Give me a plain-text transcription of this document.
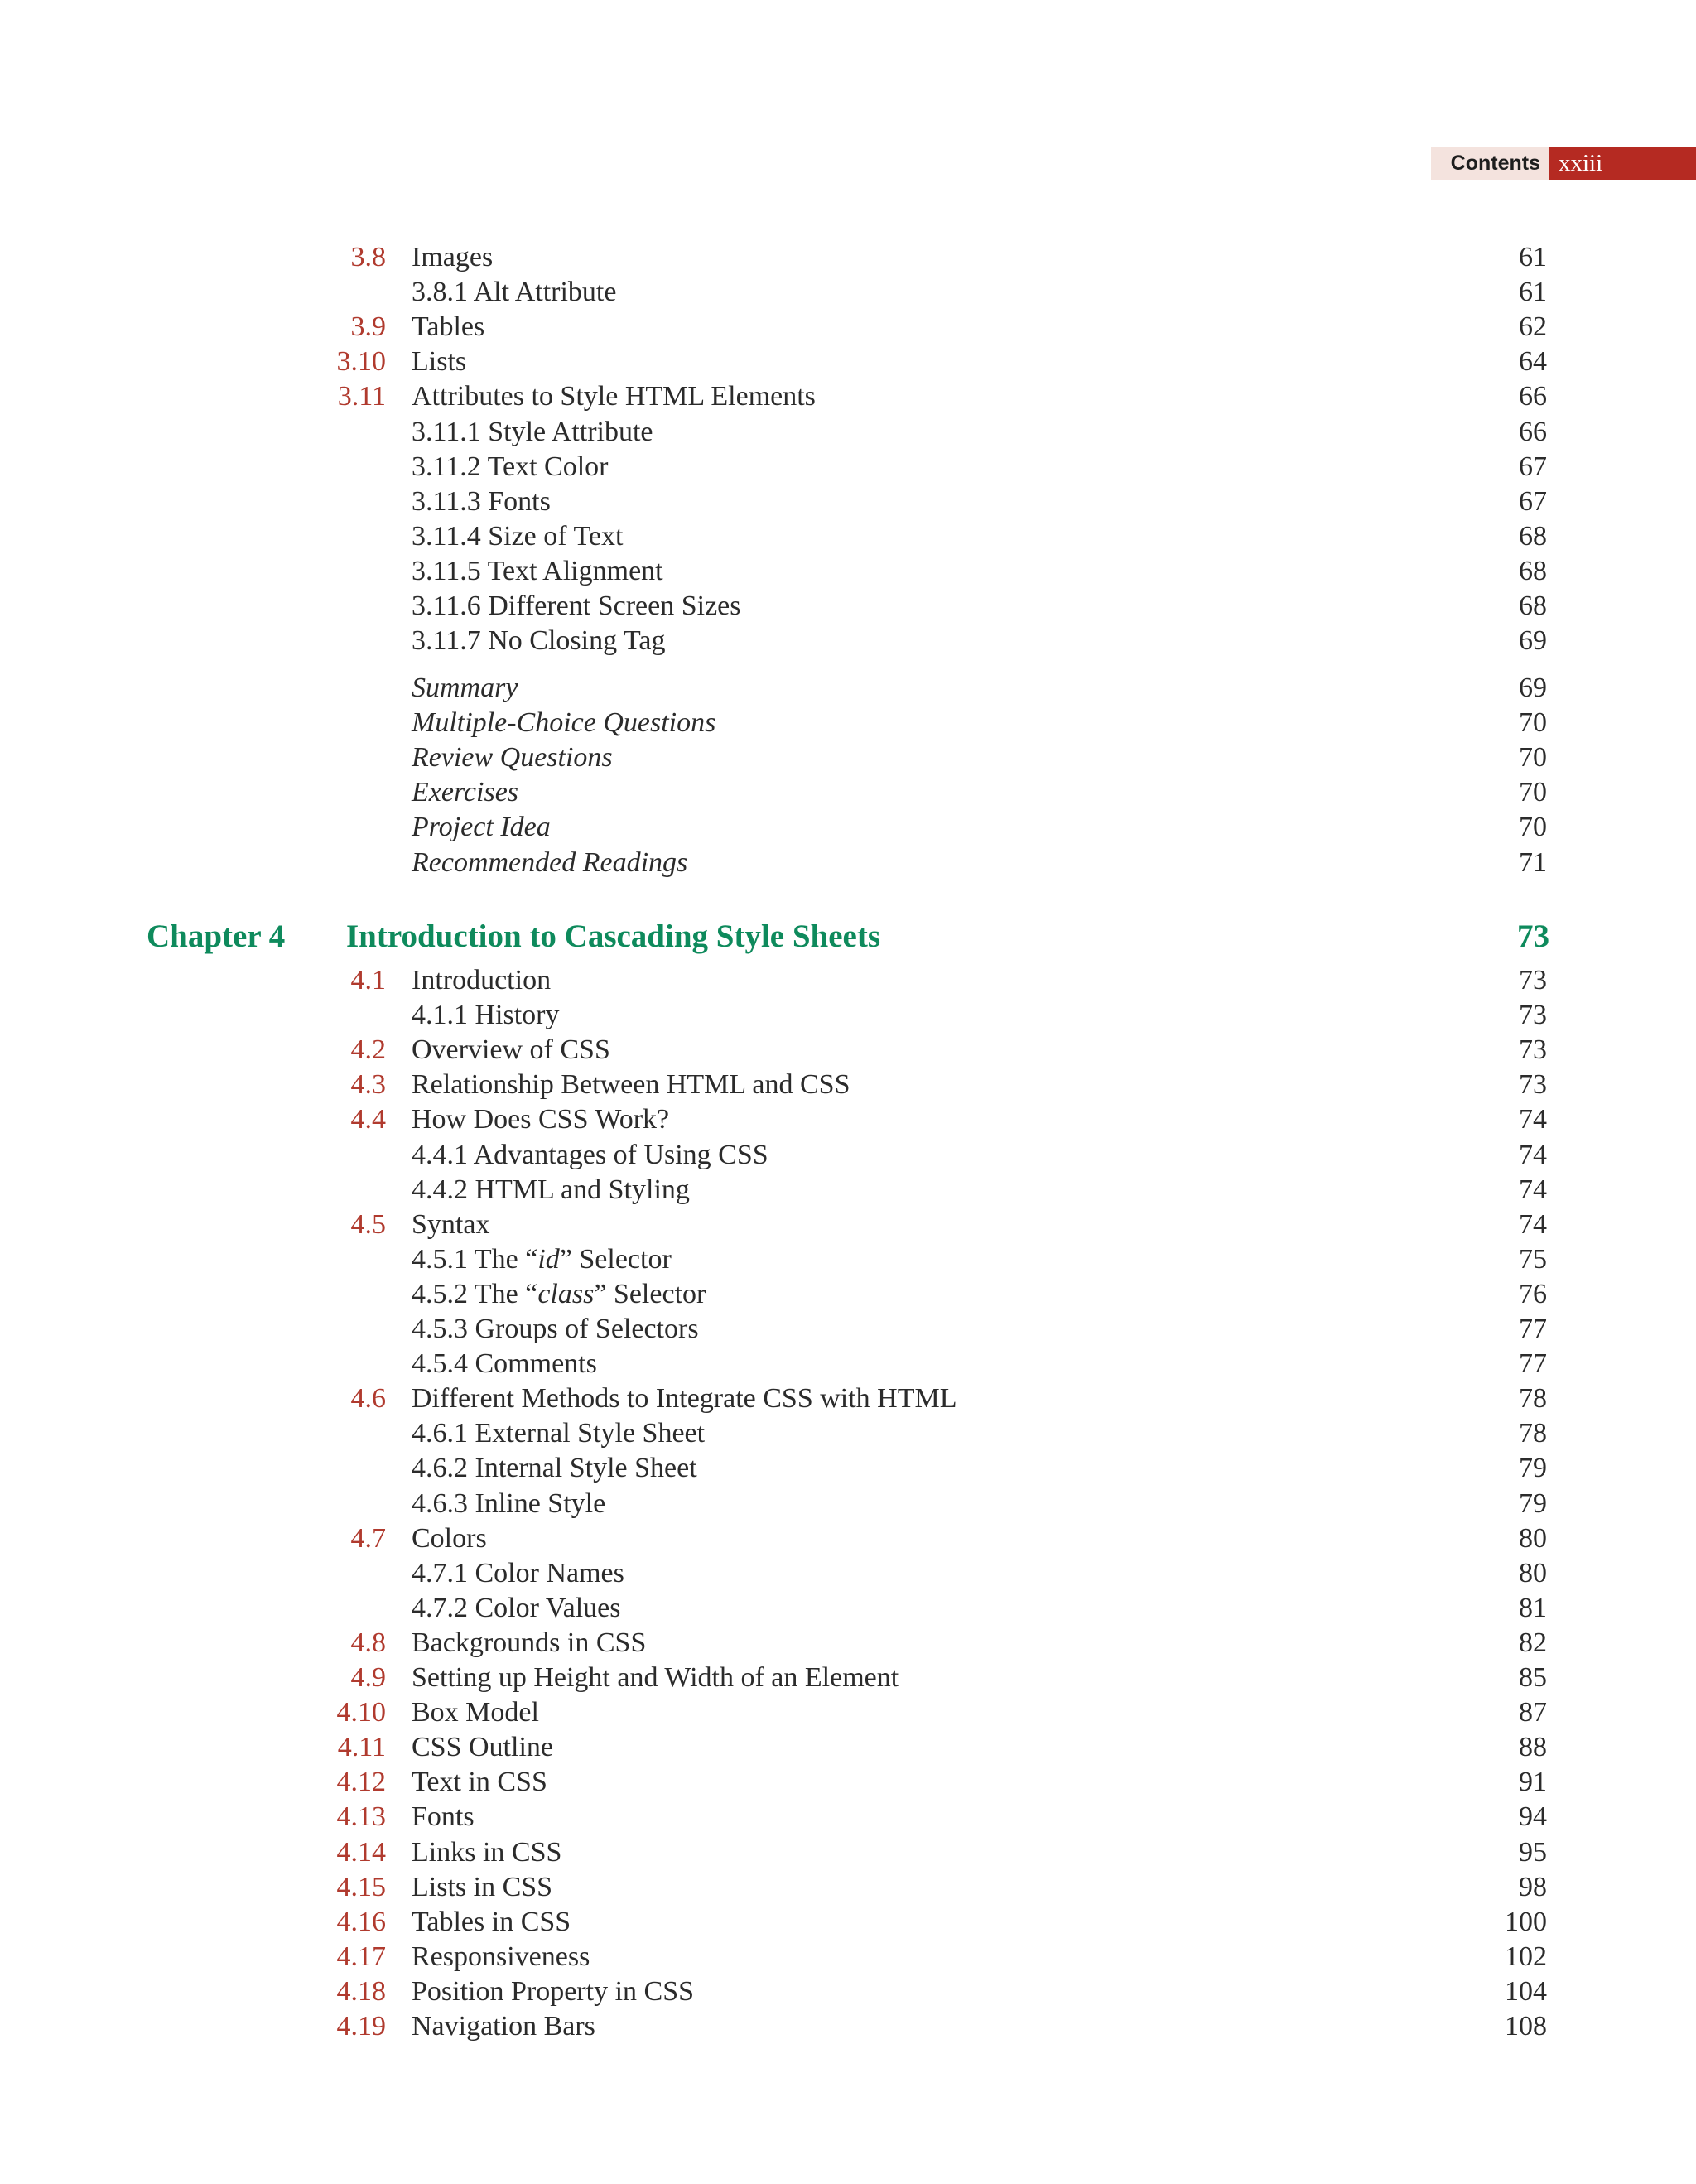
Contents xxiii
3.8 Images	61
3.8.1 Alt Attribute	61
3.9 Tables	62
3.10 Lists	64
3.11 Attributes to Style HTML Elements	66
3.11.1 Style Attribute	66
3.11.2 Text Color	67
3.11.3 Fonts	67
3.11.4 Size of Text	68
3.11.5 Text Alignment	68
3.11.6 Different Screen Sizes	68
3.11.7 No Closing Tag	69
Summary	69
Multiple-Choice Questions	70
Review Questions	70
Exercises	70
Project Idea	70
Recommended Readings	71
Chapter 4 Introduction to Cascading Style Sheets	73
4.1 Introduction	73
4.1.1 History	73
4.2 Overview of CSS	73
4.3 Relationship Between HTML and CSS	73
4.4 How Does CSS Work?	74
4.4.1 Advantages of Using CSS	74
4.4.2 HTML and Styling	74
4.5 Syntax	74
4.5.1 The “id” Selector	75
4.5.2 The “class” Selector	76
4.5.3 Groups of Selectors	77
4.5.4 Comments	77
4.6 Different Methods to Integrate CSS with HTML	78
4.6.1 External Style Sheet	78
4.6.2 Internal Style Sheet	79
4.6.3 Inline Style	79
4.7 Colors	80
4.7.1 Color Names	80
4.7.2 Color Values	81
4.8 Backgrounds in CSS	82
4.9 Setting up Height and Width of an Element	85
4.10 Box Model	87
4.11 CSS Outline	88
4.12 Text in CSS	91
4.13 Fonts	94
4.14 Links in CSS	95
4.15 Lists in CSS	98
4.16 Tables in CSS	100
4.17 Responsiveness	102
4.18 Position Property in CSS	104
4.19 Navigation Bars	108
